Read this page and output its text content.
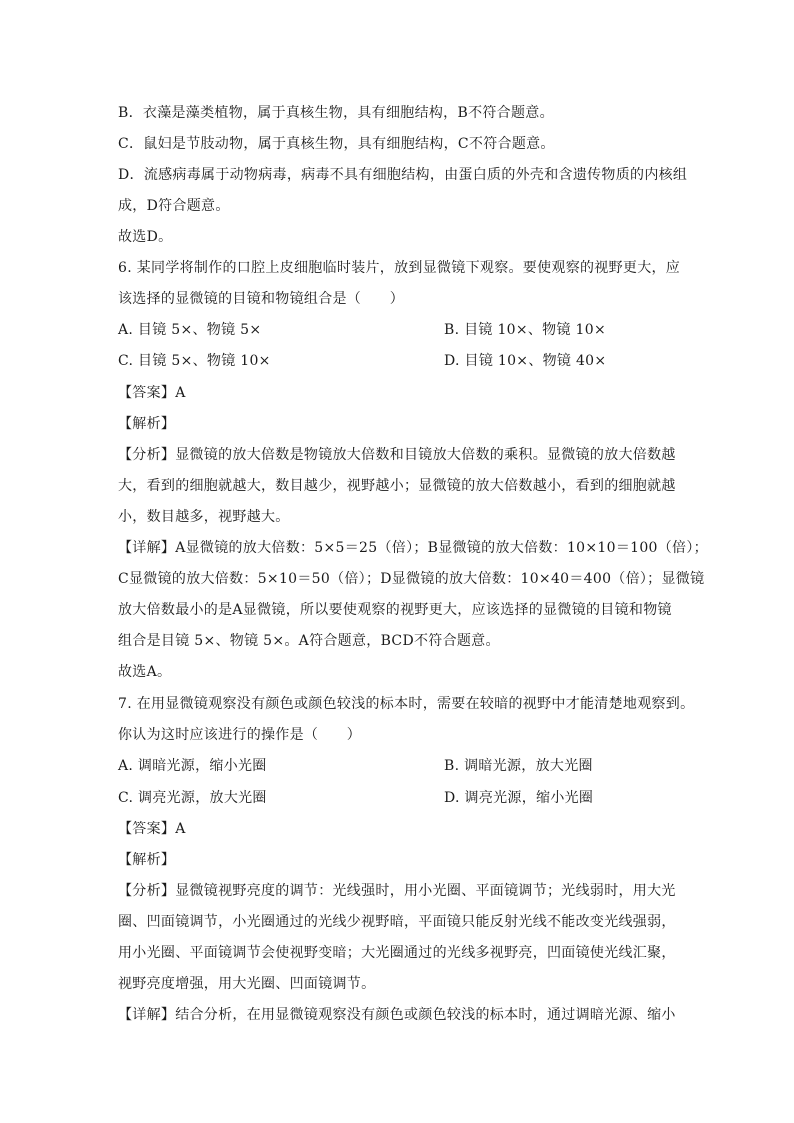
B．衣藻是藻类植物，属于真核生物，具有细胞结构，B不符合题意。
C．鼠妇是节肢动物，属于真核生物，具有细胞结构，C不符合题意。
D．流感病毒属于动物病毒，病毒不具有细胞结构，由蛋白质的外壳和含遗传物质的内核组
成，D符合题意。
故选D。
6. 某同学将制作的口腔上皮细胞临时装片，放到显微镜下观察。要使观察的视野更大，应
该选择的显微镜的目镜和物镜组合是（　　）
A. 目镜 5×、物镜 5×	B. 目镜 10×、物镜 10×
C. 目镜 5×、物镜 10×	D. 目镜 10×、物镜 40×
【答案】A
【解析】
【分析】显微镜的放大倍数是物镜放大倍数和目镜放大倍数的乘积。显微镜的放大倍数越
大，看到的细胞就越大，数目越少，视野越小；显微镜的放大倍数越小，看到的细胞就越
小，数目越多，视野越大。
【详解】A显微镜的放大倍数：5×5＝25（倍）；B显微镜的放大倍数：10×10＝100（倍）；
C显微镜的放大倍数：5×10＝50（倍）；D显微镜的放大倍数：10×40＝400（倍）；显微镜
放大倍数最小的是A显微镜，所以要使观察的视野更大，应该选择的显微镜的目镜和物镜
组合是目镜 5×、物镜 5×。A符合题意，BCD不符合题意。
故选A。
7. 在用显微镜观察没有颜色或颜色较浅的标本时，需要在较暗的视野中才能清楚地观察到。
你认为这时应该进行的操作是（　　）
A. 调暗光源，缩小光圈	B. 调暗光源，放大光圈
C. 调亮光源，放大光圈	D. 调亮光源，缩小光圈
【答案】A
【解析】
【分析】显微镜视野亮度的调节：光线强时，用小光圈、平面镜调节；光线弱时，用大光
圈、凹面镜调节，小光圈通过的光线少视野暗，平面镜只能反射光线不能改变光线强弱，
用小光圈、平面镜调节会使视野变暗；大光圈通过的光线多视野亮，凹面镜使光线汇聚，
视野亮度增强，用大光圈、凹面镜调节。
【详解】结合分析，在用显微镜观察没有颜色或颜色较浅的标本时，通过调暗光源、缩小
